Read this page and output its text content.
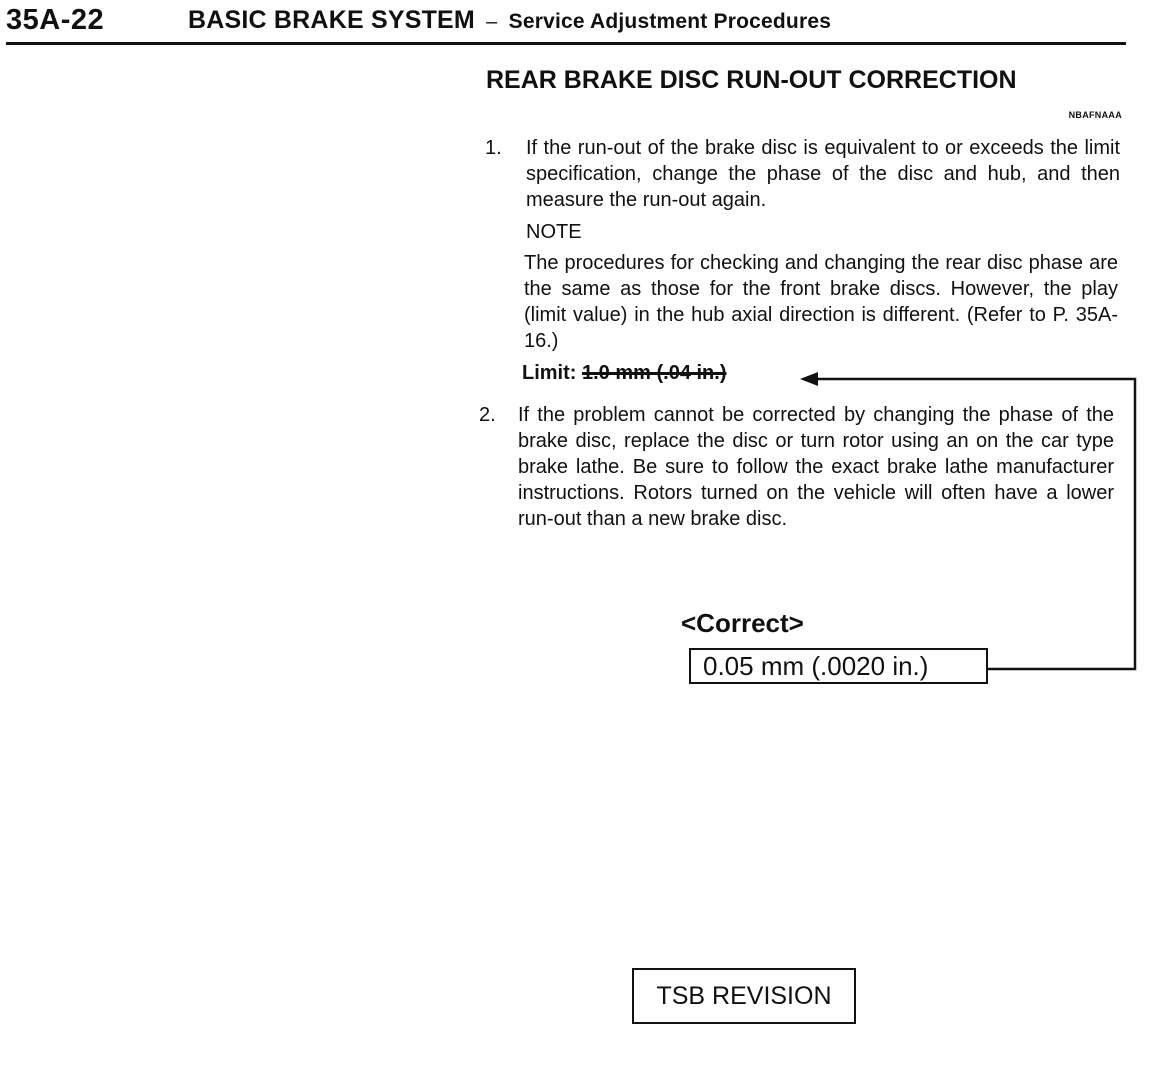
35A-22	BASIC BRAKE SYSTEM – Service Adjustment Procedures
REAR BRAKE DISC RUN-OUT CORRECTION
NBAFNAAA
1. If the run-out of the brake disc is equivalent to or exceeds the limit specification, change the phase of the disc and hub, and then measure the run-out again.
NOTE
The procedures for checking and changing the rear disc phase are the same as those for the front brake discs. However, the play (limit value) in the hub axial direction is different. (Refer to P. 35A-16.)
Limit: 1.0 mm (.04 in.)
2. If the problem cannot be corrected by changing the phase of the brake disc, replace the disc or turn rotor using an on the car type brake lathe. Be sure to follow the exact brake lathe manufacturer instructions. Rotors turned on the vehicle will often have a lower run-out than a new brake disc.
<Correct>
0.05 mm (.0020 in.)
TSB REVISION
